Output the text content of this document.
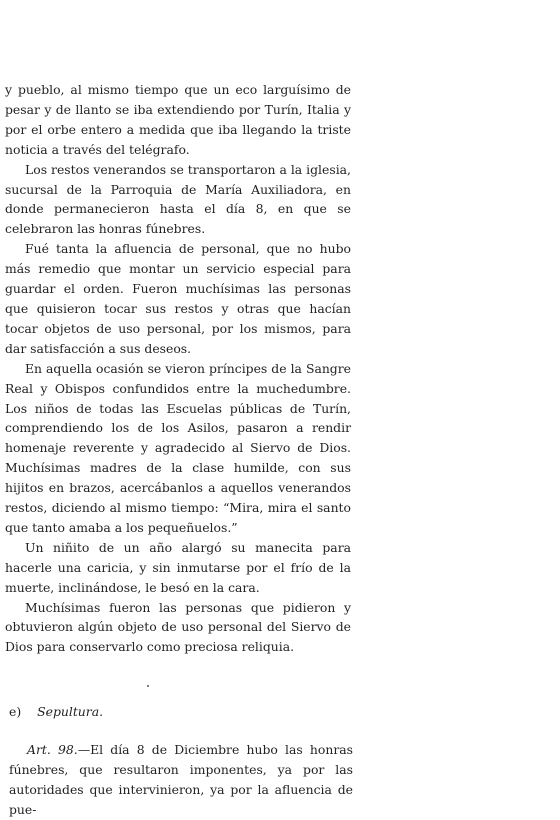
y pueblo, al mismo tiempo que un eco larguísimo de pesar y de llanto se iba extendiendo por Turín, Italia y por el orbe entero a medida que iba llegando la triste noticia a través del telégrafo.

Los restos venerandos se transportaron a la iglesia, sucursal de la Parroquia de María Auxiliadora, en donde permanecieron hasta el día 8, en que se celebraron las honras fúnebres.

Fué tanta la afluencia de personal, que no hubo más remedio que montar un servicio especial para guardar el orden. Fueron muchísimas las personas que quisieron tocar sus restos y otras que hacían tocar objetos de uso personal, por los mismos, para dar satisfacción a sus deseos.

En aquella ocasión se vieron príncipes de la Sangre Real y Obispos confundidos entre la muchedumbre. Los niños de todas las Escuelas públicas de Turín, comprendiendo los de los Asilos, pasaron a rendir homenaje reverente y agradecido al Siervo de Dios. Muchísimas madres de la clase humilde, con sus hijitos en brazos, acercábanlos a aquellos venerandos restos, diciendo al mismo tiempo: “Mira, mira el santo que tanto amaba a los pequeñuelos.”

Un niñito de un año alargó su manecita para hacerle una caricia, y sin inmutarse por el frío de la muerte, inclinándose, le besó en la cara.

Muchísimas fueron las personas que pidieron y obtuvieron algún objeto de uso personal del Siervo de Dios para conservarlo como preciosa reliquia.

e) Sepultura.
Art. 98.—El día 8 de Diciembre hubo las honras fúnebres, que resultaron imponentes, ya por las autoridades que intervinieron, ya por la afluencia de pue-
